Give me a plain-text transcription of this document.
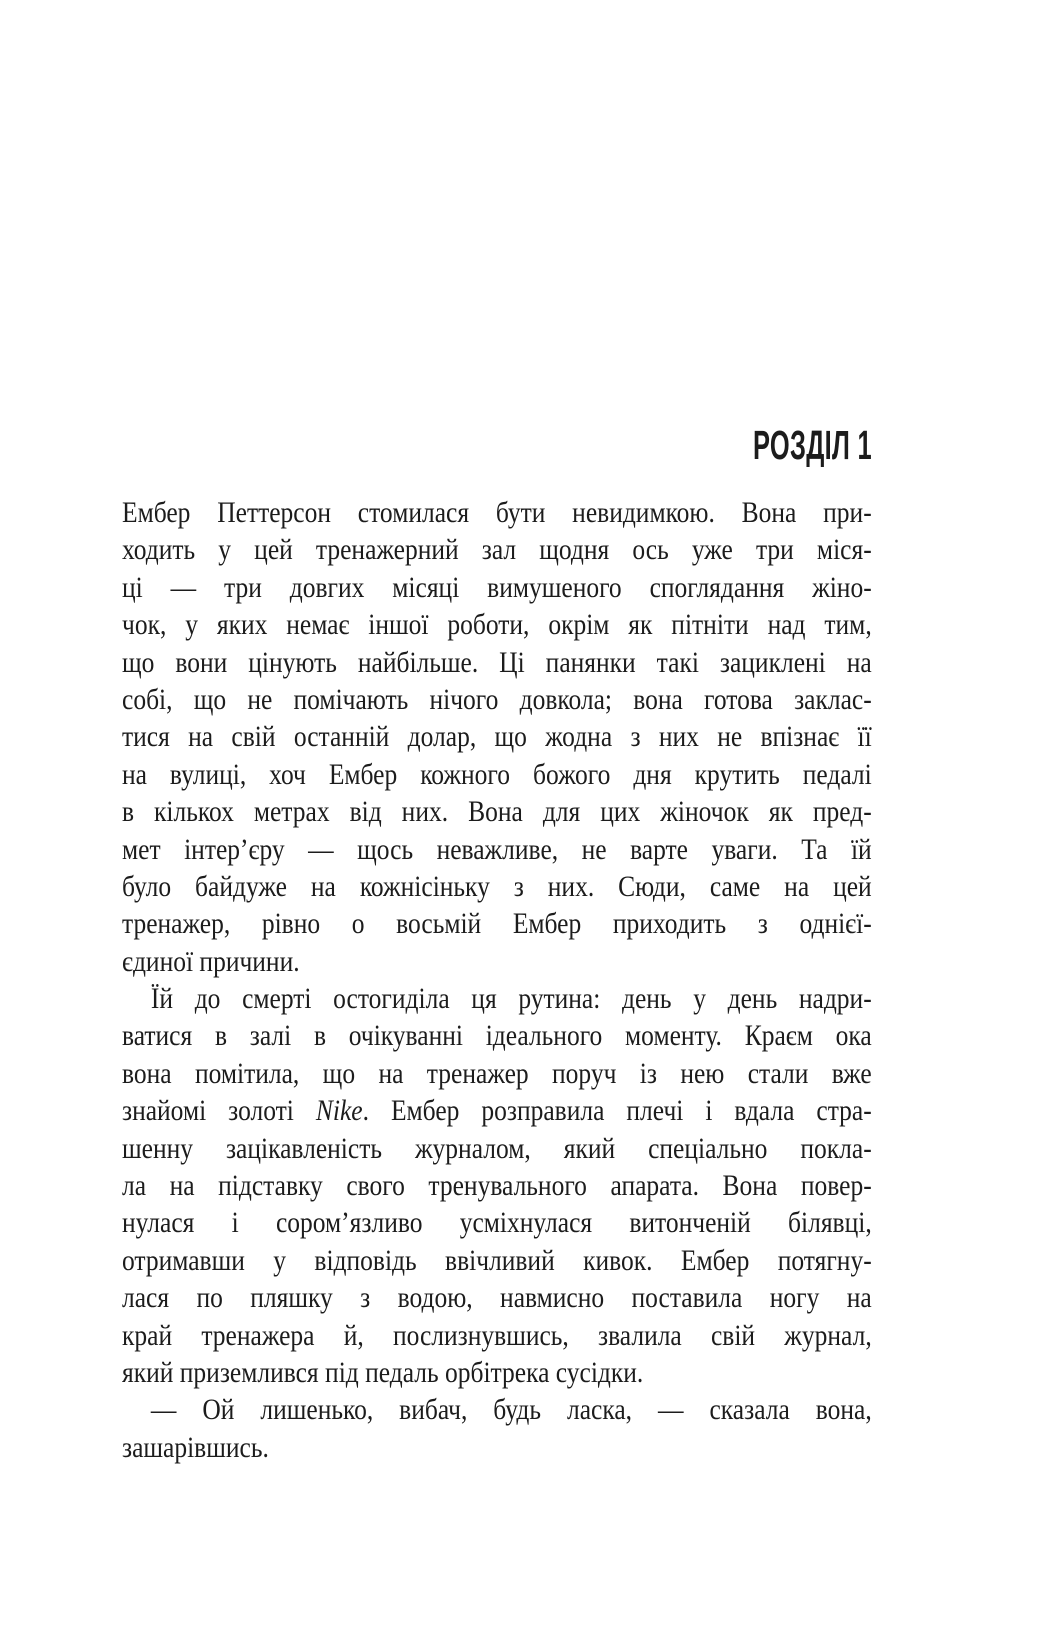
РОЗДІЛ 1
Ембер Петтерсон стомилася бути невидимкою. Вона при-
ходить у цей тренажерний зал щодня ось уже три міся-
ці — три довгих місяці вимушеного споглядання жіно-
чок, у яких немає іншої роботи, окрім як пітніти над тим,
що вони цінують найбільше. Ці панянки такі зациклені на
собі, що не помічають нічого довкола; вона готова заклас-
тися на свій останній долар, що жодна з них не впізнає її
на вулиці, хоч Ембер кожного божого дня крутить педалі
в кількох метрах від них. Вона для цих жіночок як пред-
мет інтер’єру — щось неважливе, не варте уваги. Та їй
було байдуже на кожнісіньку з них. Сюди, саме на цей
тренажер, рівно о восьмій Ембер приходить з однієї-
єдиної причини.
Їй до смерті остогиділа ця рутина: день у день надри-
ватися в залі в очікуванні ідеального моменту. Краєм ока
вона помітила, що на тренажер поруч із нею стали вже
знайомі золоті Nike. Ембер розправила плечі і вдала стра-
шенну зацікавленість журналом, який спеціально покла-
ла на підставку свого тренувального апарата. Вона повер-
нулася і сором’язливо усміхнулася витонченій білявці,
отримавши у відповідь ввічливий кивок. Ембер потягну-
лася по пляшку з водою, навмисно поставила ногу на
край тренажера й, послизнувшись, звалила свій журнал,
який приземлився під педаль орбітрека сусідки.
— Ой лишенько, вибач, будь ласка, — сказала вона,
зашарівшись.
